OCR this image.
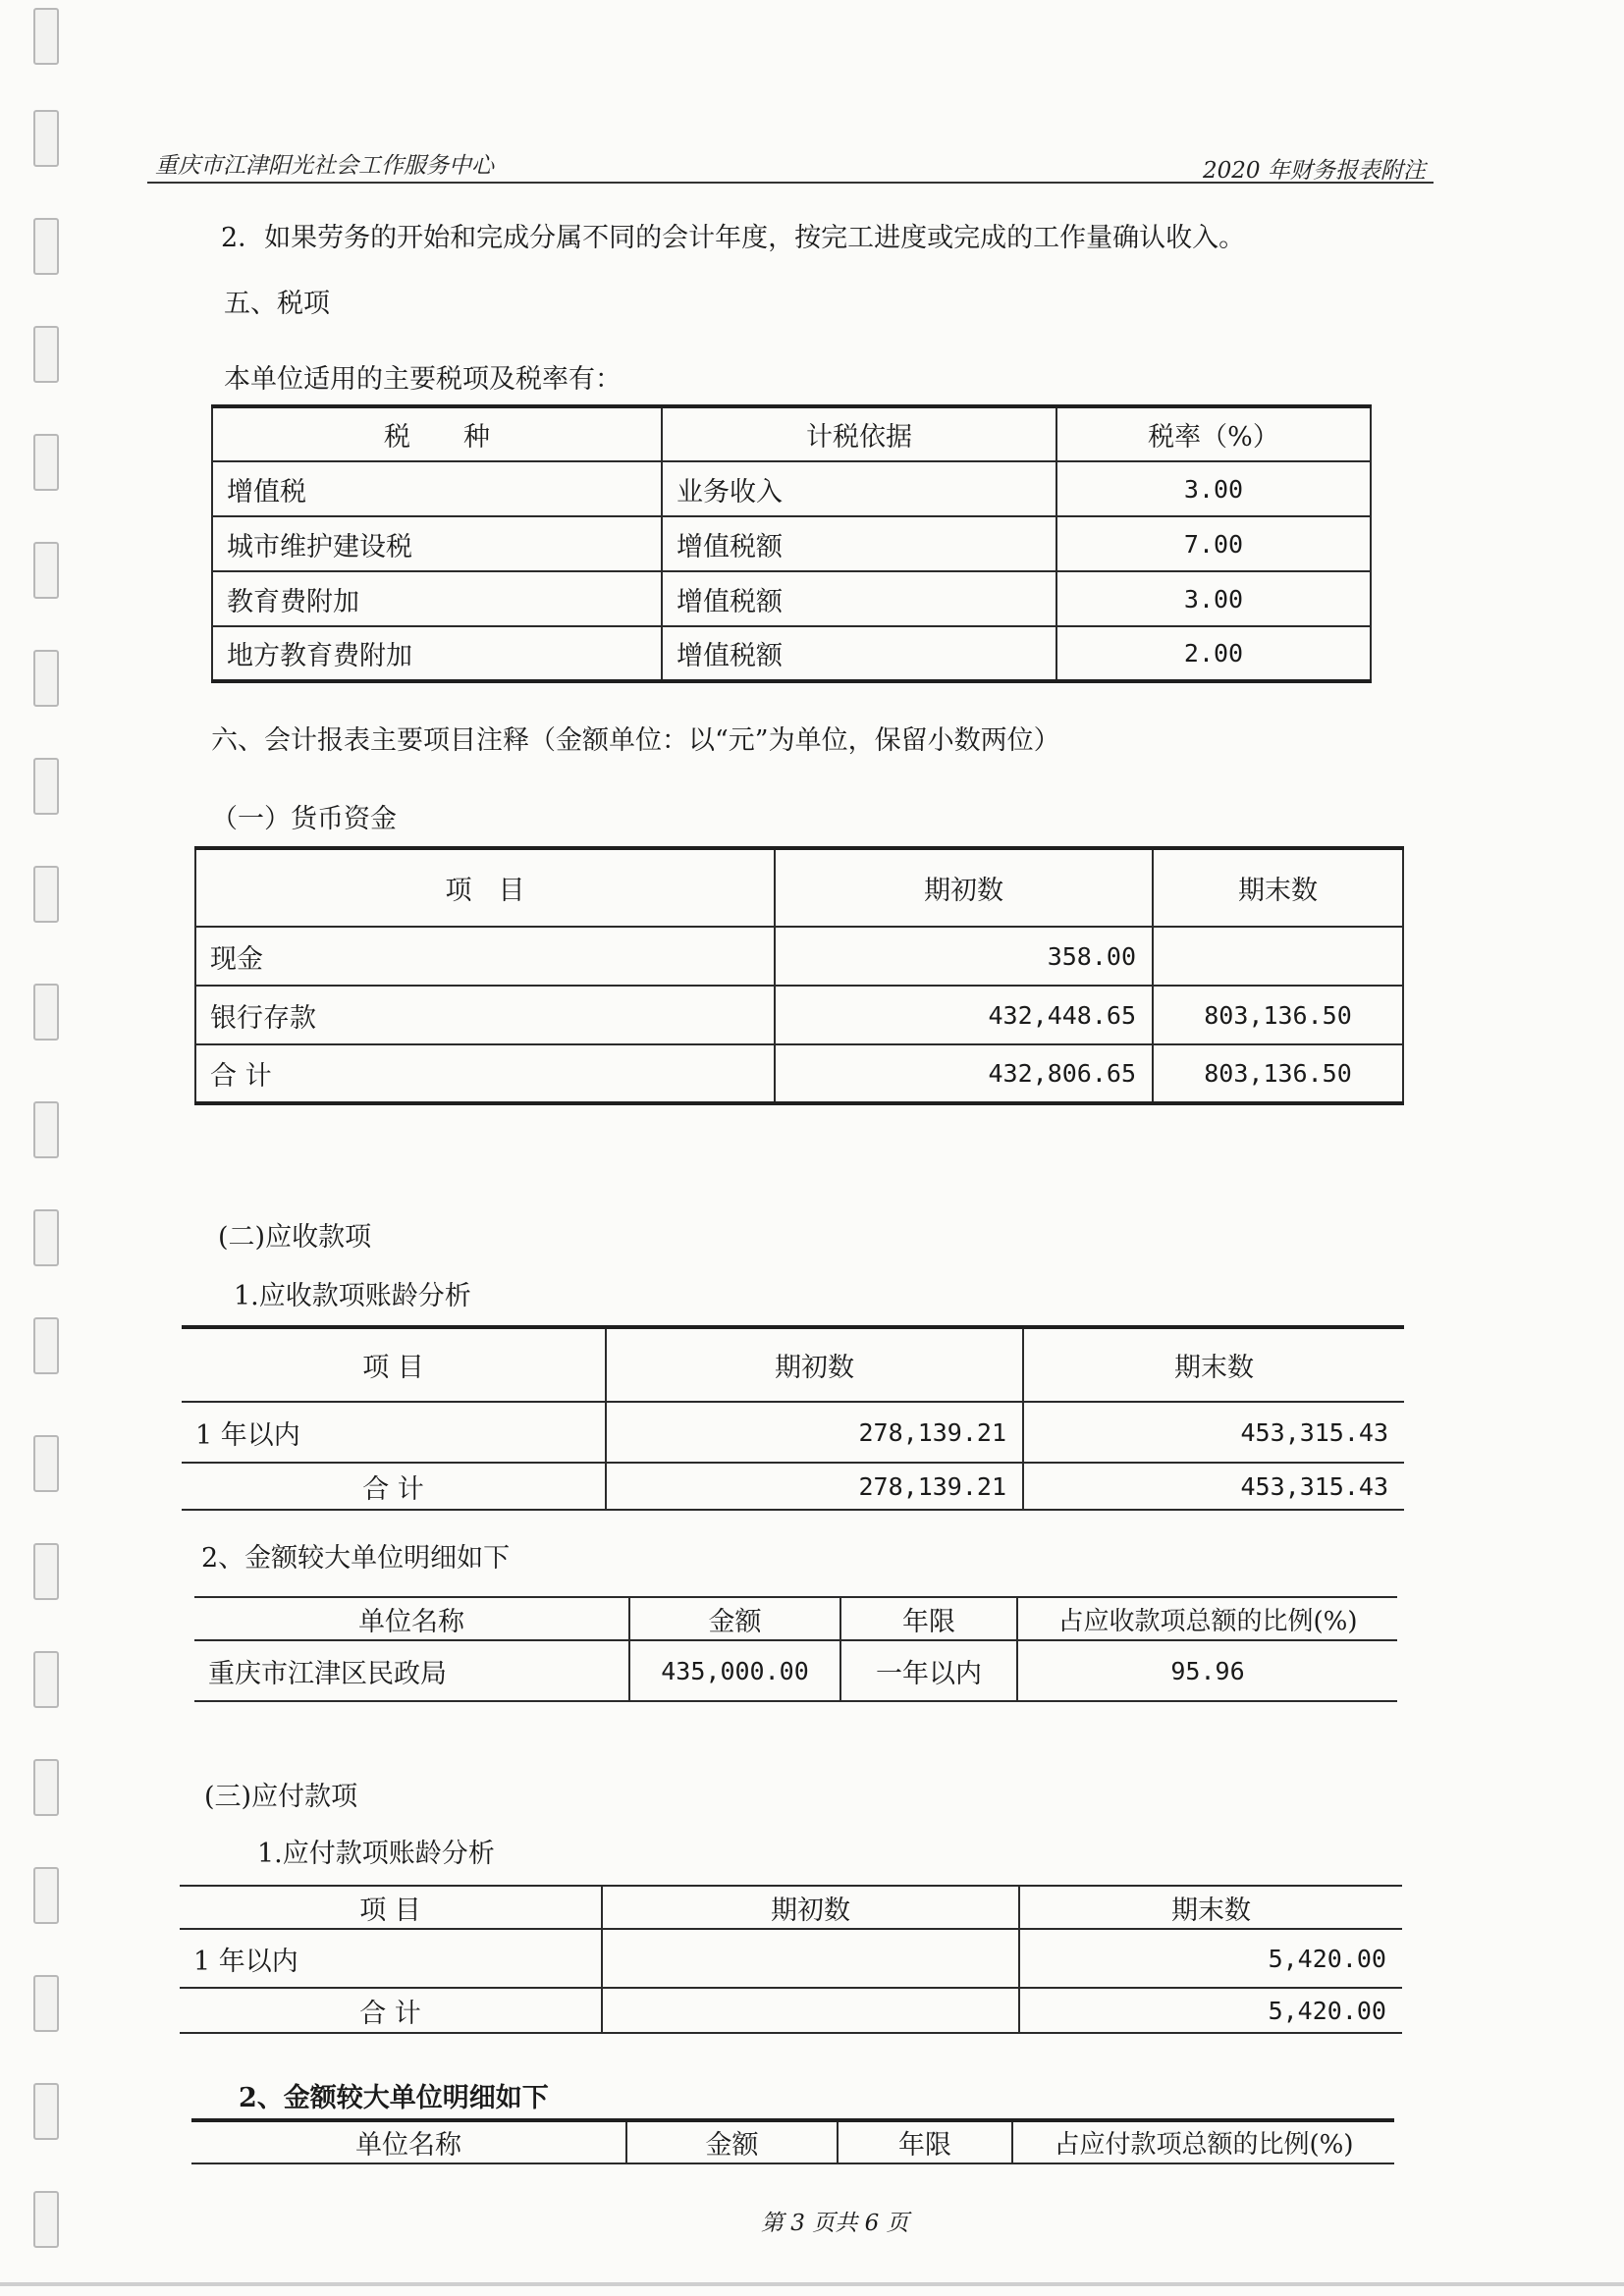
重庆市江津阳光社会工作服务中心	2020 年财务报表附注
2．如果劳务的开始和完成分属不同的会计年度，按完工进度或完成的工作量确认收入。
五、税项
本单位适用的主要税项及税率有：
税　　种	计税依据	税率（%）
增值税	业务收入	3.00
城市维护建设税	增值税额	7.00
教育费附加	增值税额	3.00
地方教育费附加	增值税额	2.00
六、会计报表主要项目注释（金额单位：以“元”为单位，保留小数两位）
（一）货币资金
项　目	期初数	期末数
现金	358.00	
银行存款	432,448.65	803,136.50
合 计	432,806.65	803,136.50
(二)应收款项
1.应收款项账龄分析
项 目	期初数	期末数
1 年以内	278,139.21	453,315.43
合 计	278,139.21	453,315.43
2、金额较大单位明细如下
单位名称	金额	年限	占应收款项总额的比例(%)
重庆市江津区民政局	435,000.00	一年以内	95.96
(三)应付款项
1.应付款项账龄分析
项 目	期初数	期末数
1 年以内		5,420.00
合 计		5,420.00
2、金额较大单位明细如下
单位名称	金额	年限	占应付款项总额的比例(%)
第 3 页共 6 页
